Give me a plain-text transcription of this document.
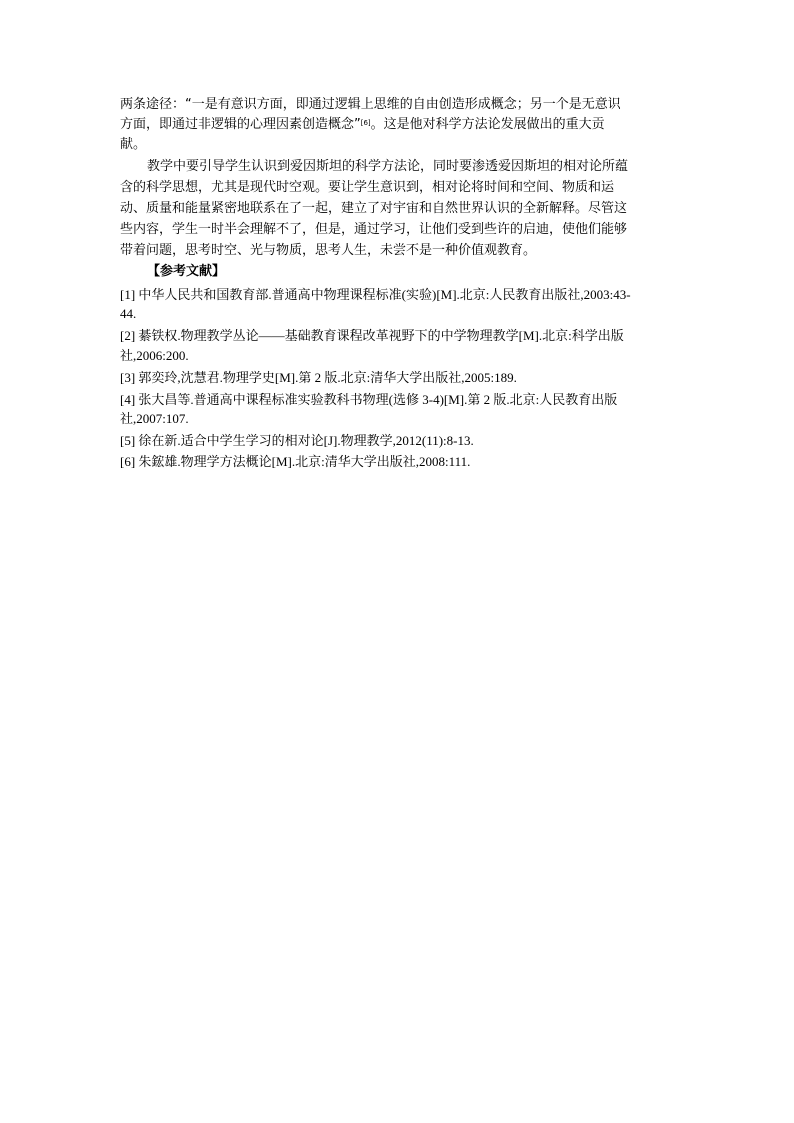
两条途径：“一是有意识方面，即通过逻辑上思维的自由创造形成概念；另一个是无意识
方面，即通过非逻辑的心理因素创造概念”[6]。这是他对科学方法论发展做出的重大贡
献。
教学中要引导学生认识到爱因斯坦的科学方法论，同时要渗透爱因斯坦的相对论所蕴
含的科学思想，尤其是现代时空观。要让学生意识到，相对论将时间和空间、物质和运
动、质量和能量紧密地联系在了一起，建立了对宇宙和自然世界认识的全新解释。尽管这
些内容，学生一时半会理解不了，但是，通过学习，让他们受到些许的启迪，使他们能够
带着问题，思考时空、光与物质，思考人生，未尝不是一种价值观教育。
【参考文献】
[1] 中华人民共和国教育部.普通高中物理课程标准(实验)[M].北京:人民教育出版社,2003:43-
44.
[2] 綦铁权.物理教学丛论——基础教育课程改革视野下的中学物理教学[M].北京:科学出版
社,2006:200.
[3] 郭奕玲,沈慧君.物理学史[M].第 2 版.北京:清华大学出版社,2005:189.
[4] 张大昌等.普通高中课程标准实验教科书物理(选修 3-4)[M].第 2 版.北京:人民教育出版
社,2007:107.
[5] 徐在新.适合中学生学习的相对论[J].物理教学,2012(11):8-13.
[6] 朱鋐雄.物理学方法概论[M].北京:清华大学出版社,2008:111.
